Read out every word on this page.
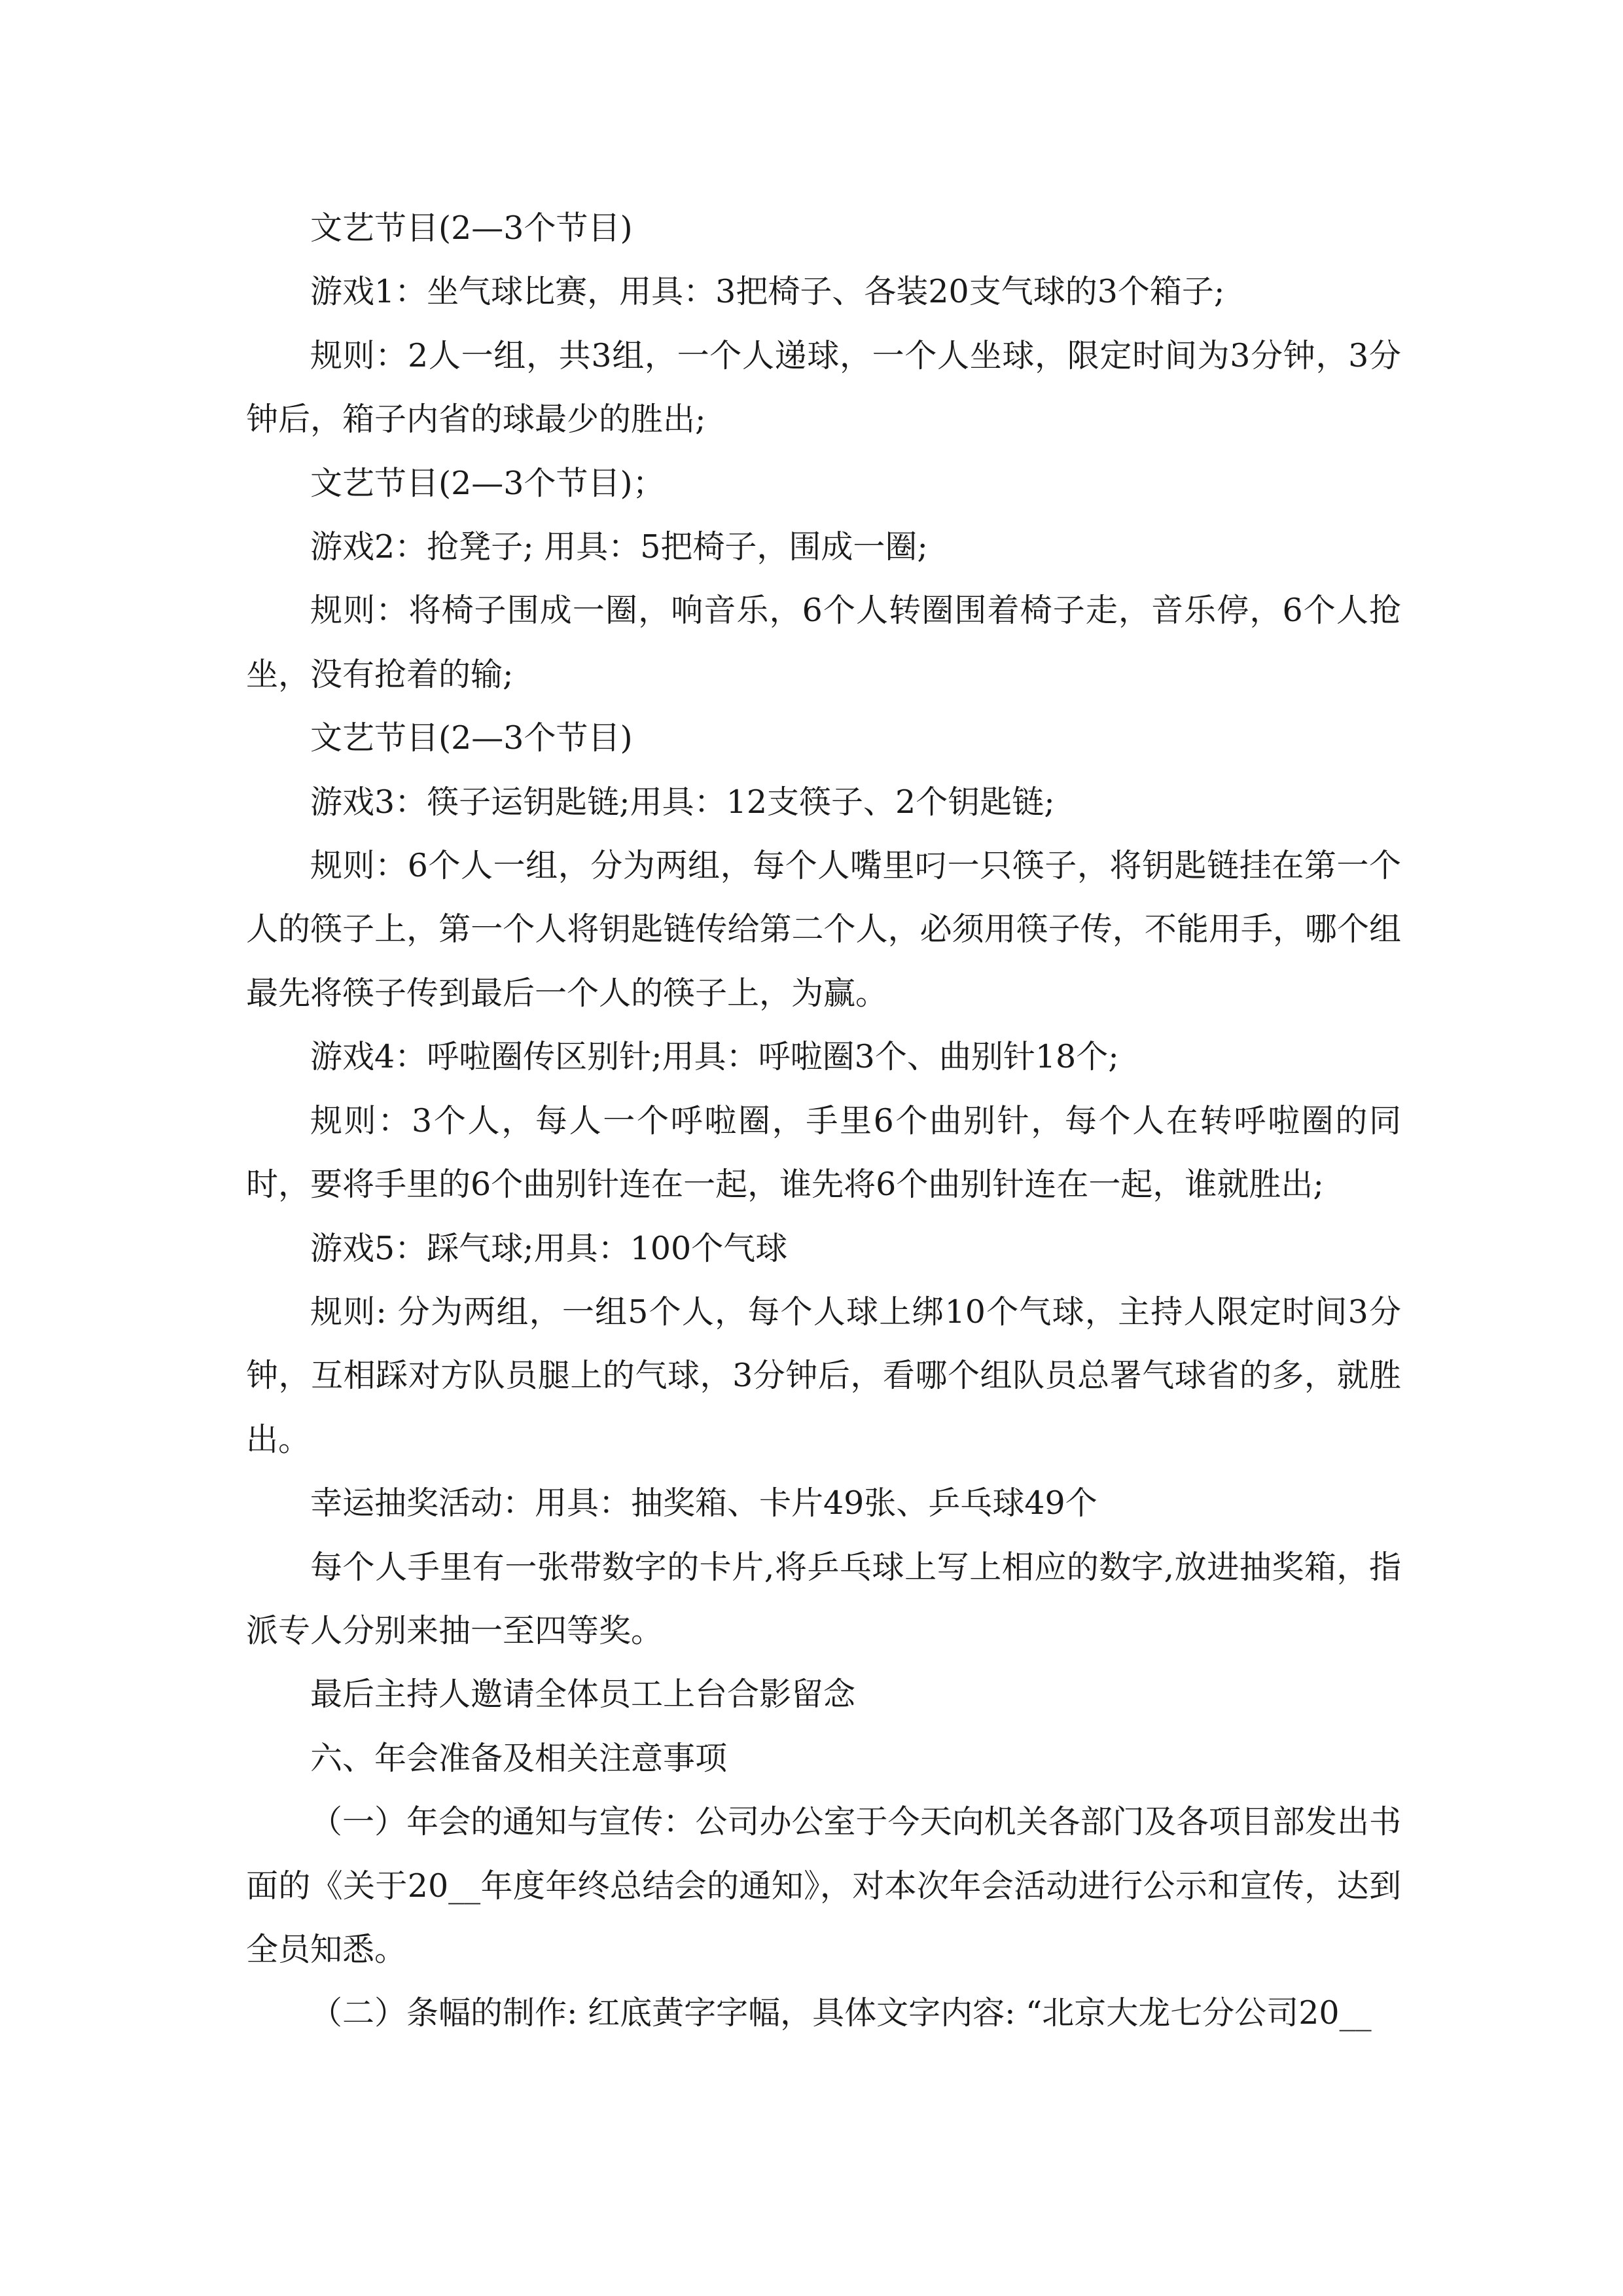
文艺节目(2—3个节目)

游戏1：坐气球比赛，用具：3把椅子、各装20支气球的3个箱子;

规则：2人一组，共3组，一个人递球，一个人坐球，限定时间为3分钟，3分钟后，箱子内省的球最少的胜出;

文艺节目(2—3个节目)；

游戏2：抢凳子; 用具：5把椅子，围成一圈;

规则：将椅子围成一圈，响音乐，6个人转圈围着椅子走，音乐停，6个人抢坐，没有抢着的输;

文艺节目(2—3个节目)

游戏3：筷子运钥匙链;用具：12支筷子、2个钥匙链;

规则：6个人一组，分为两组，每个人嘴里叼一只筷子，将钥匙链挂在第一个人的筷子上，第一个人将钥匙链传给第二个人，必须用筷子传，不能用手，哪个组最先将筷子传到最后一个人的筷子上，为赢。

游戏4：呼啦圈传区别针;用具：呼啦圈3个、曲别针18个;

规则：3个人，每人一个呼啦圈，手里6个曲别针，每个人在转呼啦圈的同时，要将手里的6个曲别针连在一起，谁先将6个曲别针连在一起，谁就胜出;

游戏5：踩气球;用具：100个气球

规则: 分为两组，一组5个人，每个人球上绑10个气球，主持人限定时间3分钟，互相踩对方队员腿上的气球，3分钟后，看哪个组队员总署气球省的多，就胜出。

幸运抽奖活动：用具：抽奖箱、卡片49张、乒乓球49个

每个人手里有一张带数字的卡片,将乒乓球上写上相应的数字,放进抽奖箱，指派专人分别来抽一至四等奖。

最后主持人邀请全体员工上台合影留念

六、年会准备及相关注意事项

（一）年会的通知与宣传：公司办公室于今天向机关各部门及各项目部发出书面的《关于20__年度年终总结会的通知》，对本次年会活动进行公示和宣传，达到全员知悉。

（二）条幅的制作: 红底黄字字幅，具体文字内容: “北京大龙七分公司20__
